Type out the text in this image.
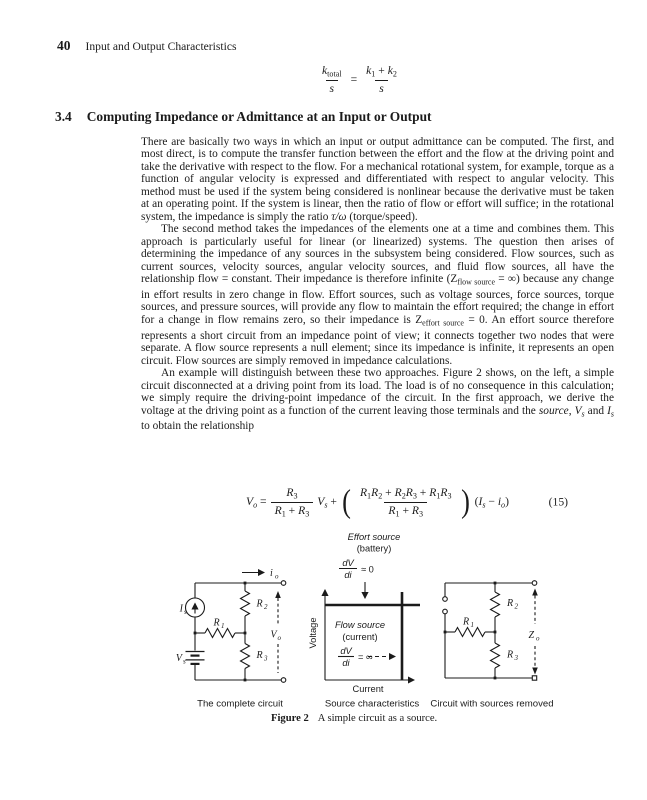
40 Input and Output Characteristics
$\frac{k_{total}}{s} = \frac{k_1 + k_2}{s}$
3.4 Computing Impedance or Admittance at an Input or Output

There are basically two ways in which an input or output admittance can be computed. The first, and most direct, is to compute the transfer function between the effort and the flow at the driving point and take the derivative with respect to the flow. For a mechanical rotational system, for example, torque as a function of angular velocity is expressed and differentiated with respect to angular velocity. This method must be used if the system being considered is nonlinear because the derivative must be taken at an operating point. If the system is linear, then the ratio of flow or effort will suffice; in the rotational system, the impedance is simply the ratio τ/ω (torque/speed).

The second method takes the impedances of the elements one at a time and combines them. This approach is particularly useful for linear (or linearized) systems. The question then arises of determining the impedance of any sources in the subsystem being considered. Flow sources, such as current sources, velocity sources, angular velocity sources, and fluid flow sources, all have the relationship flow = constant. Their impedance is therefore infinite ($Z_{flow source}$ = ∞) because any change in effort results in zero change in flow. Effort sources, such as voltage sources, force sources, torque sources, and pressure sources, will provide any flow to maintain the effort required; the change in effort for a change in flow remains zero, so their impedance is $Z_{effort source} = 0$. An effort source therefore represents a short circuit from an impedance point of view; it connects together two nodes that were separate. A flow source represents a null element; since its impedance is infinite, it represents an open circuit. Flow sources are simply removed in impedance calculations.

An example will distinguish between these two approaches. Figure 2 shows, on the left, a simple circuit disconnected at a driving point from its load. The load is of no consequence in this calculation; we simply require the driving-point impedance of the circuit. In the first approach, we derive the voltage at the driving point as a function of the current leaving those terminals and the source, $V_s$ and $I_s$ to obtain the relationship

$V_o = \frac{R_3}{R_1 + R_3} V_s$ + ( $\frac{R_1R_2 + R_2R_3 + R_1R_3}{R_1 + R_3}$ ) $(I_s - i_o)$	(15)
i o
I s
V s
R 1
R 2
R 3
V o
The complete circuit
Effort source
(battery)
dV
di
≈ 0
Flow source
(current)
dV
di
= ∞
Voltage
Current
Source characteristics
R 1
R 2
R 3
Z o
Circuit with sources removed
Figure 2 A simple circuit as a source.
